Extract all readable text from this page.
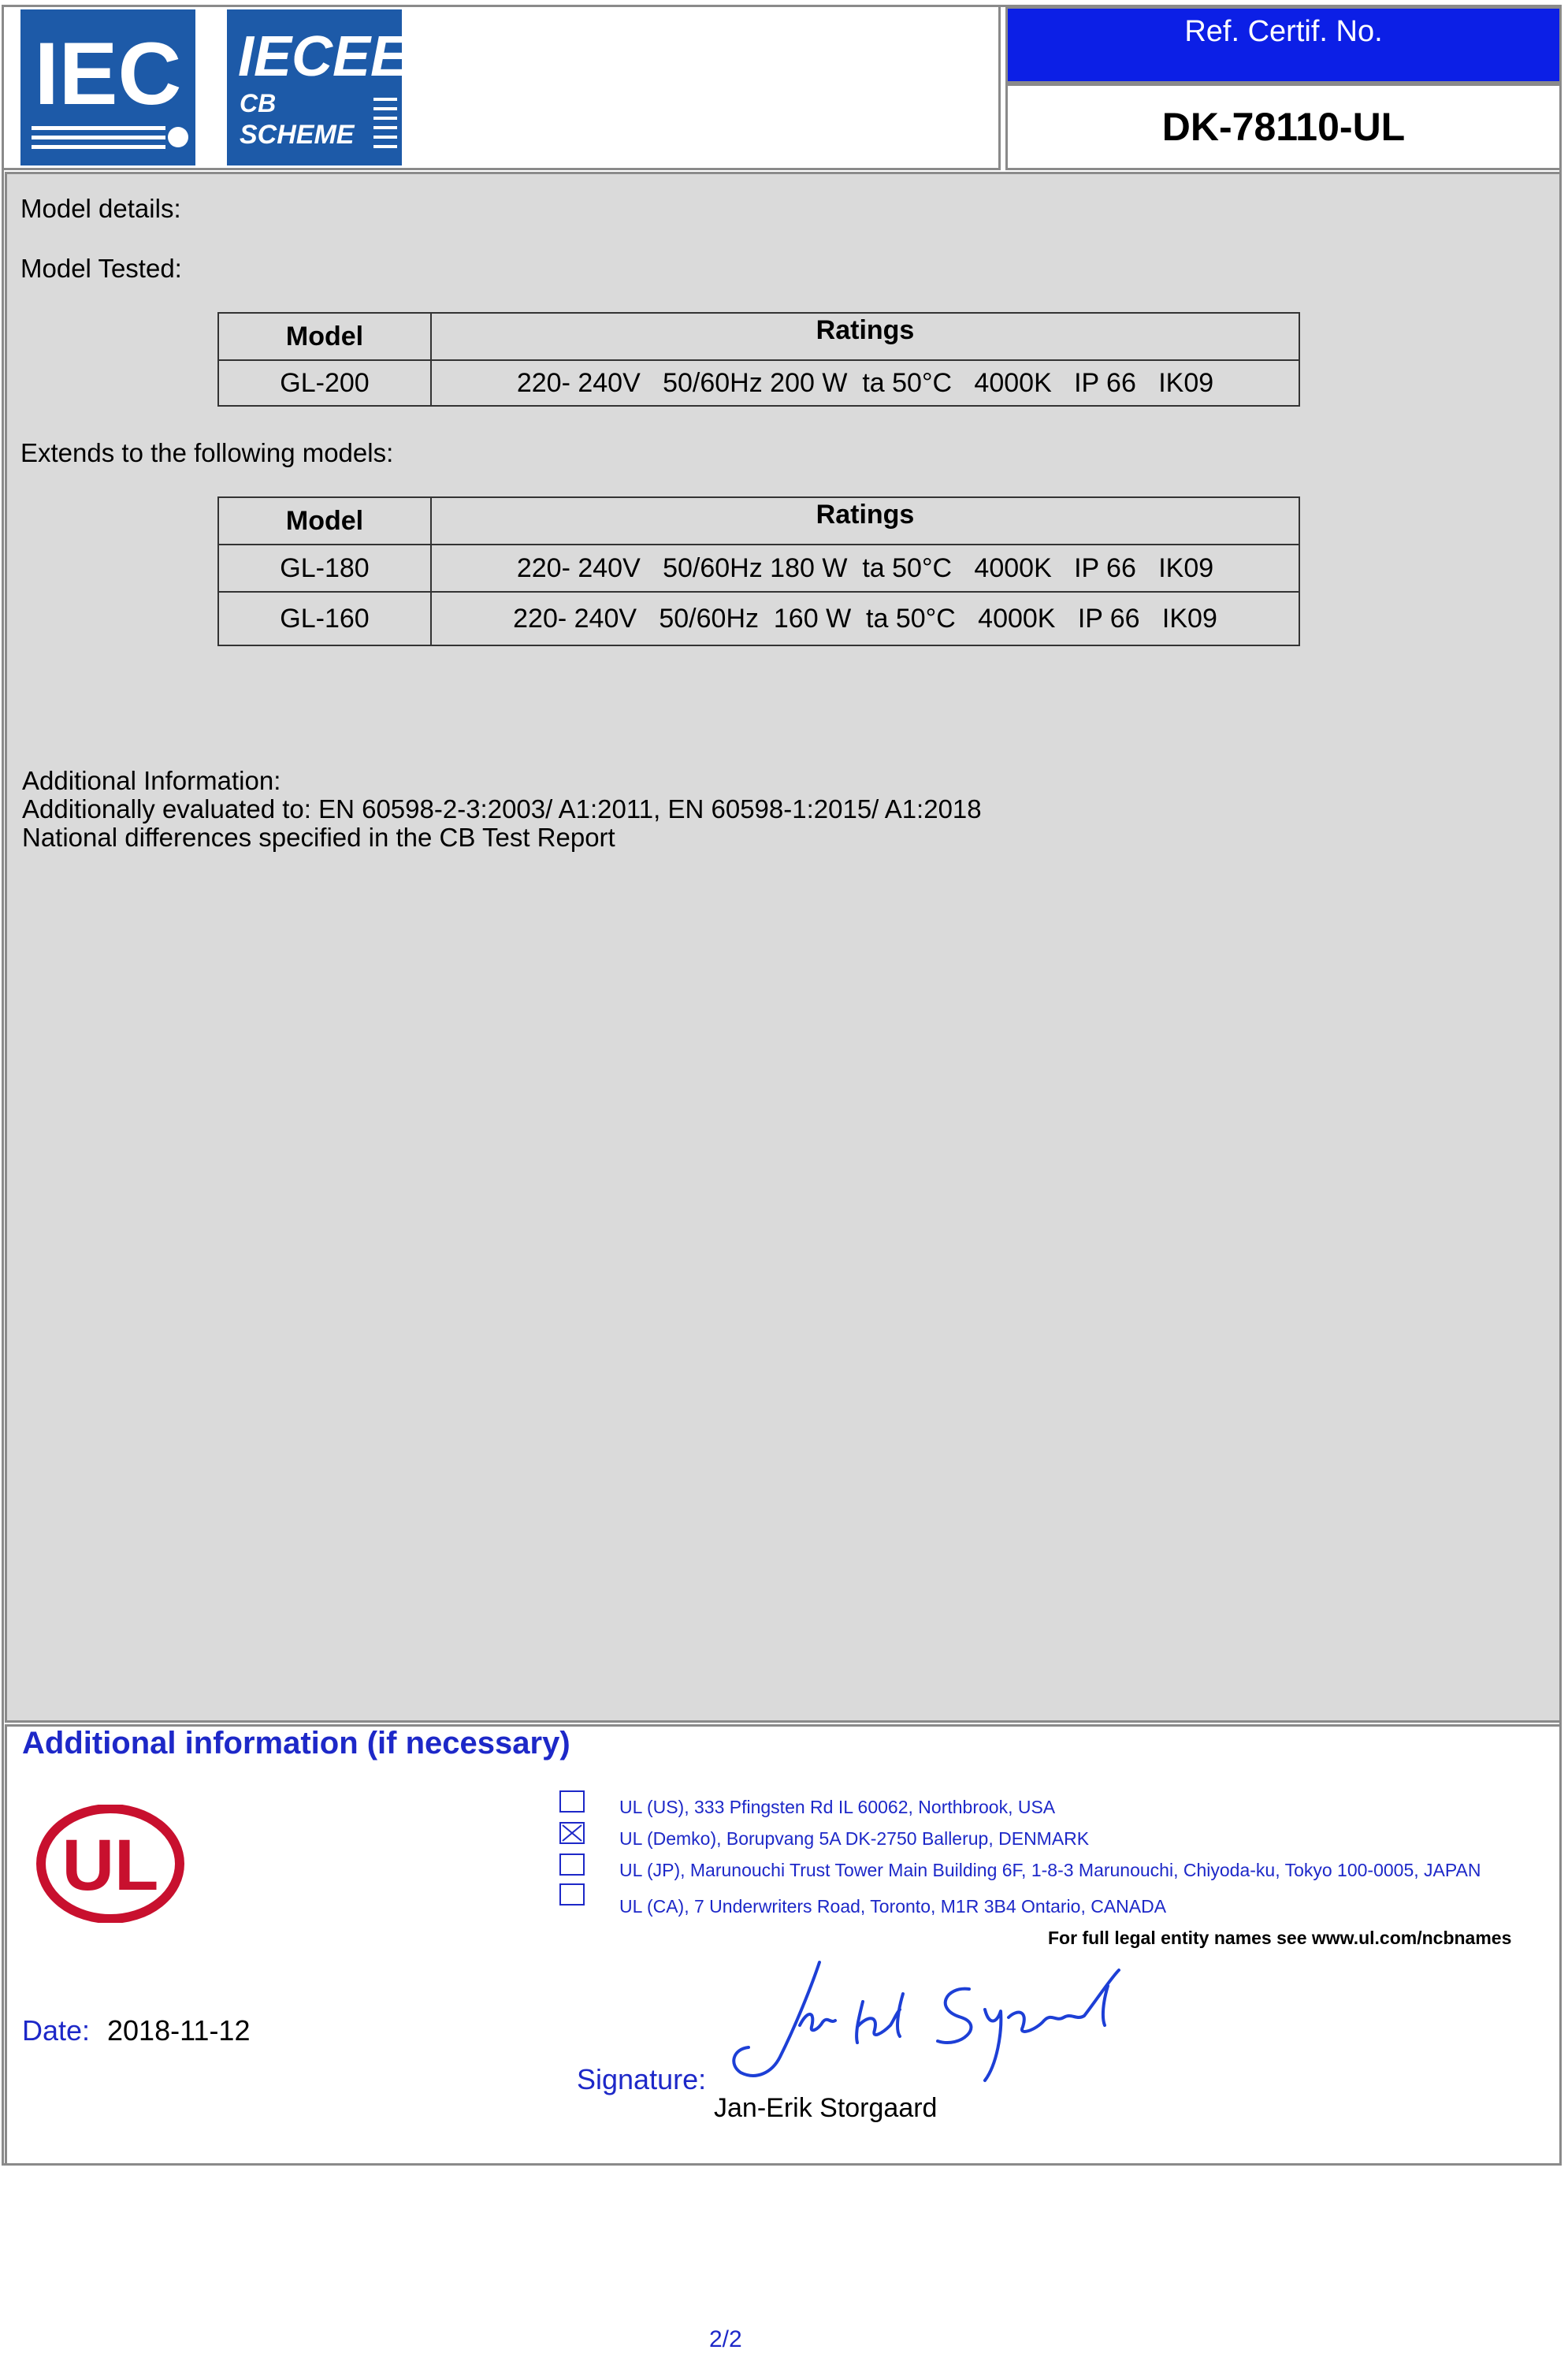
IEC IECEE
CB
SCHEME
Ref. Certif. No.
DK-78110-UL
Model details:
Model Tested:
Model	Ratings
GL-200	220- 240V   50/60Hz 200 W  ta 50°C   4000K   IP 66   IK09
Extends to the following models:
Model	Ratings
GL-180	220- 240V   50/60Hz 180 W  ta 50°C   4000K   IP 66   IK09
GL-160	220- 240V   50/60Hz  160 W  ta 50°C   4000K   IP 66   IK09
Additional Information:
Additionally evaluated to: EN 60598-2-3:2003/ A1:2011, EN 60598-1:2015/ A1:2018
National differences specified in the CB Test Report
Additional information (if necessary)
UL
UL (US), 333 Pfingsten Rd IL 60062, Northbrook, USA
UL (Demko), Borupvang 5A DK-2750 Ballerup, DENMARK
UL (JP), Marunouchi Trust Tower Main Building 6F, 1-8-3 Marunouchi, Chiyoda-ku, Tokyo 100-0005, JAPAN
UL (CA), 7 Underwriters Road, Toronto, M1R 3B4 Ontario, CANADA
For full legal entity names see www.ul.com/ncbnames
Date: 2018-11-12
Signature:
Jan-Erik Storgaard
2/2
